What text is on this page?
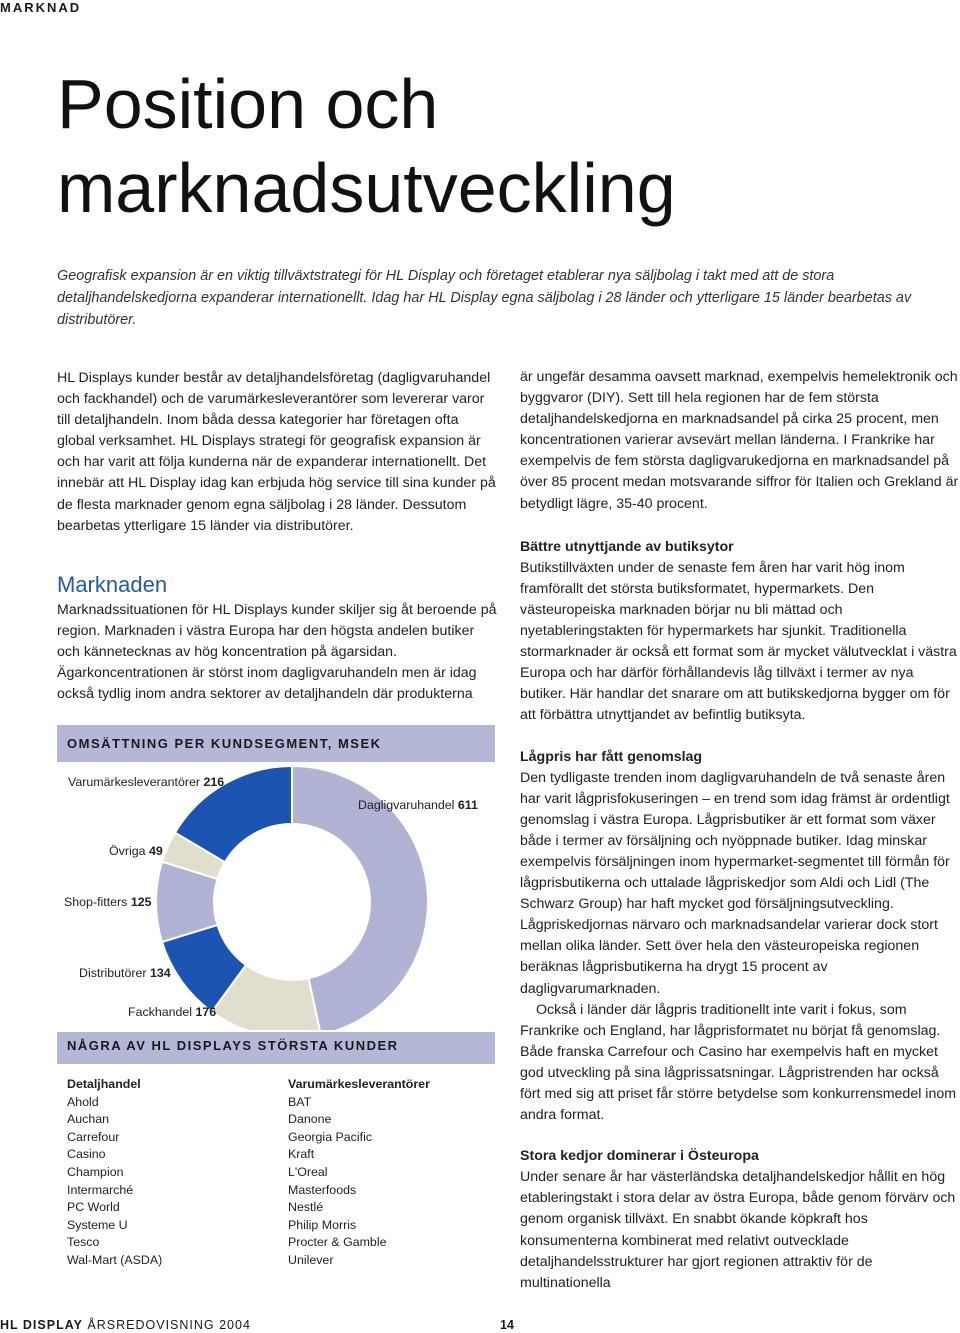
MARKNAD
Position och
marknadsutveckling

Geografisk expansion är en viktig tillväxtstrategi för HL Display och företaget etablerar nya säljbolag i takt med att de stora detaljhandelskedjorna expanderar internationellt. Idag har HL Display egna säljbolag i 28 länder och ytterligare 15 länder bearbetas av distributörer.

HL Displays kunder består av detaljhandelsföretag (dagligvaruhandel och fackhandel) och de varumärkesleverantörer som levererar varor till detaljhandeln. Inom båda dessa kategorier har företagen ofta global verksamhet. HL Displays strategi för geografisk expansion är och har varit att följa kunderna när de expanderar internationellt. Det innebär att HL Display idag kan erbjuda hög service till sina kunder på de flesta marknader genom egna säljbolag i 28 länder. Dessutom bearbetas ytterligare 15 länder via distributörer.

Marknaden

Marknadssituationen för HL Displays kunder skiljer sig åt beroende på region. Marknaden i västra Europa har den högsta andelen butiker och kännetecknas av hög koncentration på ägarsidan. Ägarkoncentrationen är störst inom dagligvaruhandeln men är idag också tydlig inom andra sektorer av detaljhandeln där produkterna

är ungefär desamma oavsett marknad, exempelvis hemelektronik och byggvaror (DIY). Sett till hela regionen har de fem största detaljhandelskedjorna en marknadsandel på cirka 25 procent, men koncentrationen varierar avsevärt mellan länderna. I Frankrike har exempelvis de fem största dagligvarukedjorna en marknadsandel på över 85 procent medan motsvarande siffror för Italien och Grekland är betydligt lägre, 35-40 procent.

Bättre utnyttjande av butiksytor

Butikstillväxten under de senaste fem åren har varit hög inom framförallt det största butiksformatet, hypermarkets. Den västeuropeiska marknaden börjar nu bli mättad och nyetableringstakten för hypermarkets har sjunkit. Traditionella stormarknader är också ett format som är mycket välutvecklat i västra Europa och har därför förhållandevis låg tillväxt i termer av nya butiker. Här handlar det snarare om att butikskedjorna bygger om för att förbättra utnyttjandet av befintlig butiksyta.

Lågpris har fått genomslag

Den tydligaste trenden inom dagligvaruhandeln de två senaste åren har varit lågprisfokuseringen – en trend som idag främst är ordentligt genomslag i västra Europa. Lågprisbutiker är ett format som växer både i termer av försäljning och nyöppnade butiker. Idag minskar exempelvis försäljningen inom hypermarket-segmentet till förmån för lågprisbutikerna och uttalade lågpriskedjor som Aldi och Lidl (The Schwarz Group) har haft mycket god försäljningsutveckling. Lågpriskedjornas närvaro och marknadsandelar varierar dock stort mellan olika länder. Sett över hela den västeuropeiska regionen beräknas lågprisbutikerna ha drygt 15 procent av dagligvarumarknaden.

Också i länder där lågpris traditionellt inte varit i fokus, som Frankrike och England, har lågprisformatet nu börjat få genomslag. Både franska Carrefour och Casino har exempelvis haft en mycket god utveckling på sina lågprissatsningar. Lågpristrenden har också fört med sig att priset får större betydelse som konkurrensmedel inom andra format.

Stora kedjor dominerar i Östeuropa

Under senare år har västerländska detaljhandelskedjor hållit en hög etableringstakt i stora delar av östra Europa, både genom förvärv och genom organisk tillväxt. En snabbt ökande köpkraft hos konsumenterna kombinerat med relativt outvecklade detaljhandelsstrukturer har gjort regionen attraktiv för de multinationella

OMSÄTTNING PER KUNDSEGMENT, MSEK
Varumärkesleverantörer 216
Dagligvaruhandel 611
Övriga 49
Shop-fitters 125
Distributörer 134
Fackhandel 176
NÅGRA AV HL DISPLAYS STÖRSTA KUNDER
Detaljhandel
Ahold
Auchan
Carrefour
Casino
Champion
Intermarché
PC World
Systeme U
Tesco
Wal-Mart (ASDA)
Varumärkesleverantörer
BAT
Danone
Georgia Pacific
Kraft
L'Oreal
Masterfoods
Nestlé
Philip Morris
Procter & Gamble
Unilever
HL DISPLAY ÅRSREDOVISNING 2004	14
